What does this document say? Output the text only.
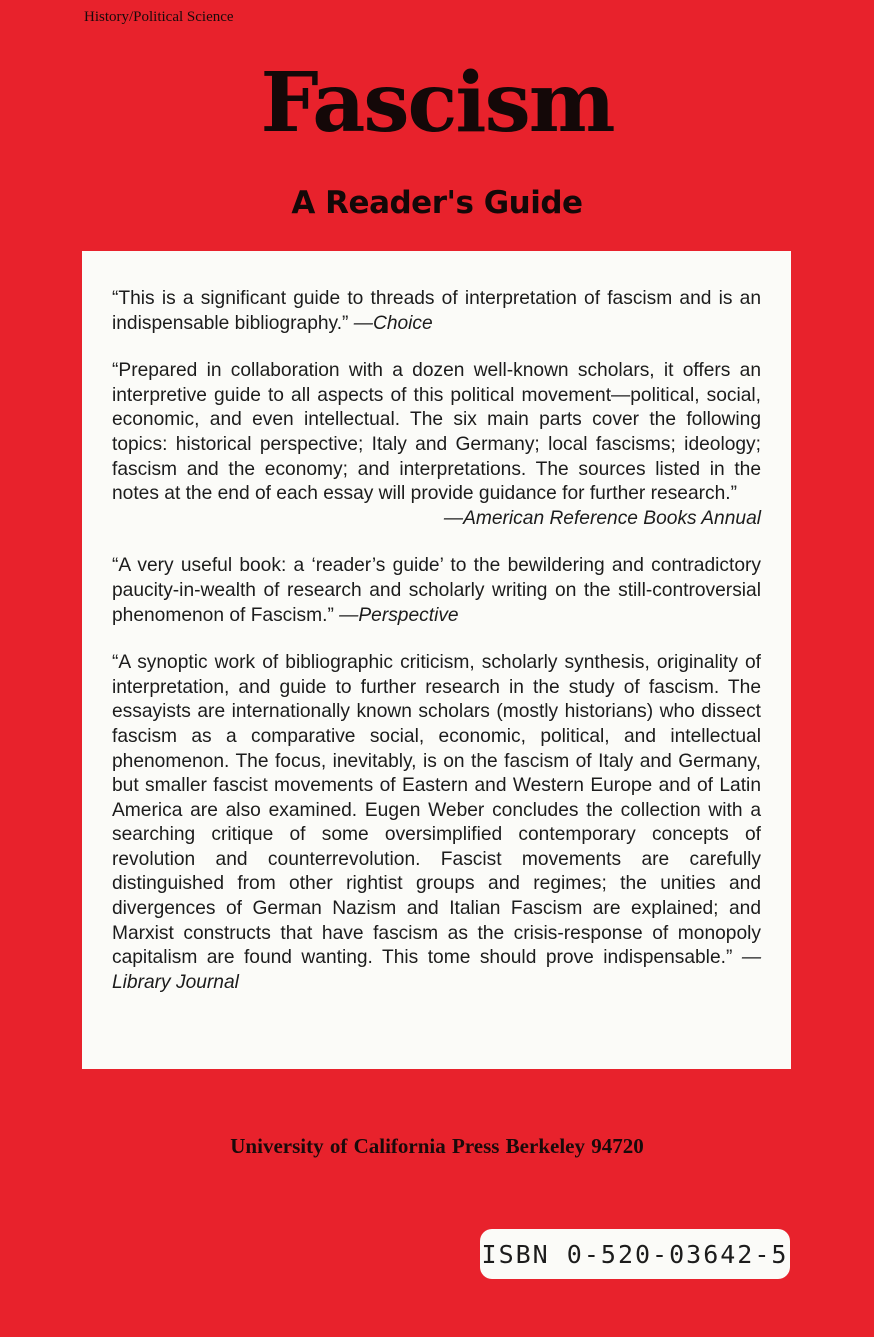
History/Political Science
Fascism
A Reader's Guide

“This is a significant guide to threads of interpretation of fascism and is an indispensable bibliography.” —Choice

“Prepared in collaboration with a dozen well-known scholars, it offers an interpretive guide to all aspects of this political movement—political, social, economic, and even intellectual. The six main parts cover the following topics: historical perspective; Italy and Germany; local fascisms; ideology; fascism and the economy; and interpretations. The sources listed in the notes at the end of each essay will provide guidance for further research.”
—American Reference Books Annual

“A very useful book: a ‘reader’s guide’ to the bewildering and contradictory paucity-in-wealth of research and scholarly writing on the still-controversial phenomenon of Fascism.” —Perspective

“A synoptic work of bibliographic criticism, scholarly synthesis, originality of interpretation, and guide to further research in the study of fascism. The essayists are internationally known scholars (mostly historians) who dissect fascism as a comparative social, economic, political, and intellectual phenomenon. The focus, inevitably, is on the fascism of Italy and Germany, but smaller fascist movements of Eastern and Western Europe and of Latin America are also examined. Eugen Weber concludes the collection with a searching critique of some oversimplified contemporary concepts of revolution and counterrevolution. Fascist movements are carefully distinguished from other rightist groups and regimes; the unities and divergences of German Nazism and Italian Fascism are explained; and Marxist constructs that have fascism as the crisis-response of monopoly capitalism are found wanting. This tome should prove indispensable.” —Library Journal

University of California Press Berkeley 94720
ISBN 0-520-03642-5
